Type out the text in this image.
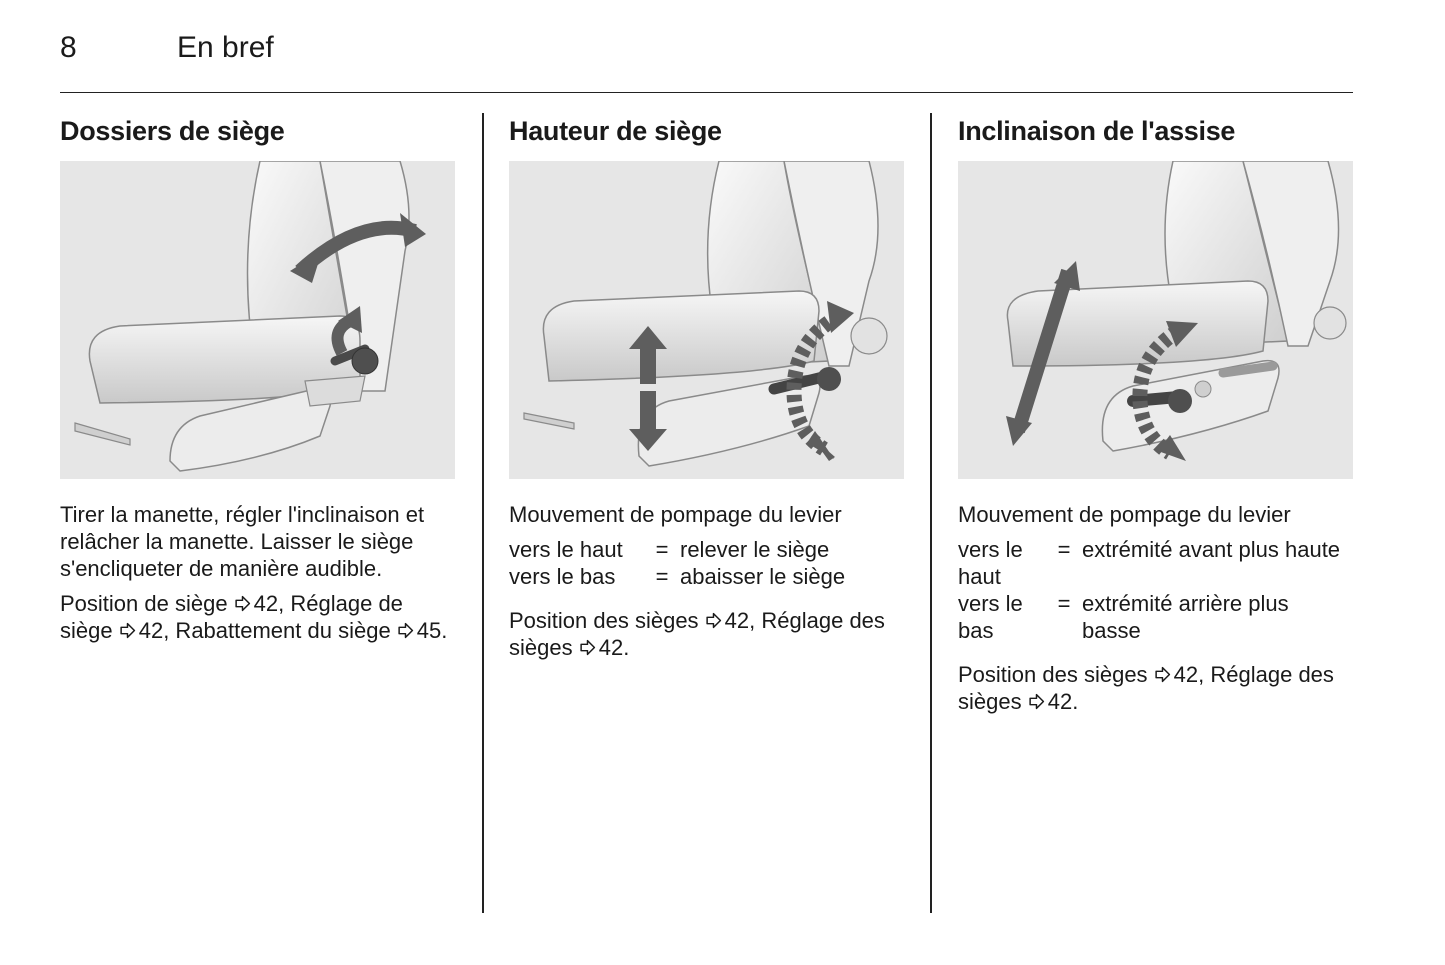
8	En bref
Dossiers de siège

Tirer la manette, régler l'inclinaison et relâcher la manette. Laisser le siège s'encliqueter de manière audible.

Position de siège 42, Réglage de siège 42, Rabattement du siège 45.

Hauteur de siège

Mouvement de pompage du levier

vers le haut	=	relever le siège
vers le bas	=	abaisser le siège

Position des sièges 42, Réglage des sièges 42.

Inclinaison de l'assise

Mouvement de pompage du levier

vers le haut	=	extrémité avant plus haute
vers le bas	=	extrémité arrière plus basse

Position des sièges 42, Réglage des sièges 42.
